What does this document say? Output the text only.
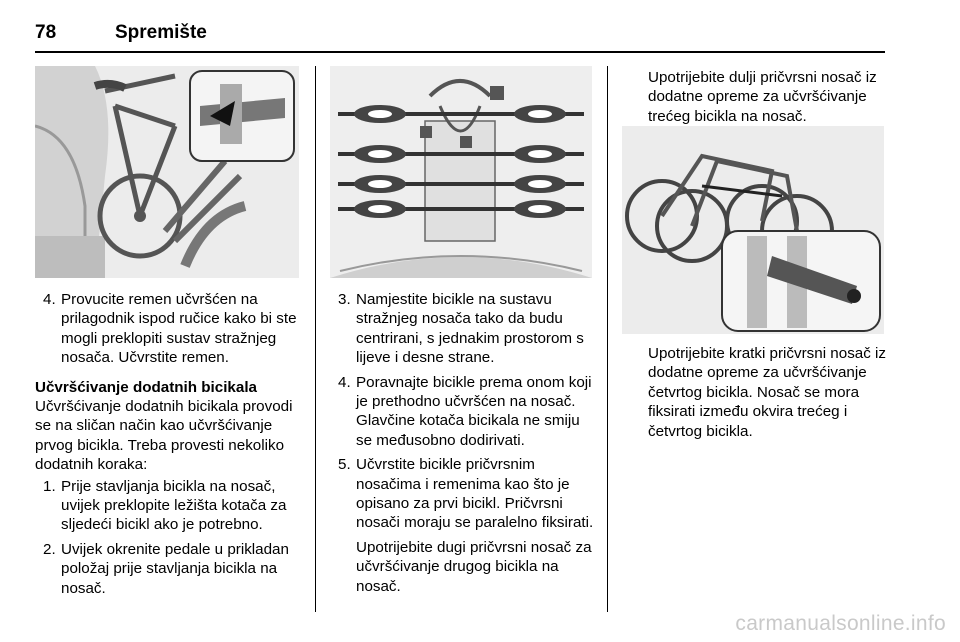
78	Spremište
4. Provucite remen učvršćen na prilagodnik ispod ručice kako bi ste mogli preklopiti sustav stražnjeg nosača. Učvrstite remen.

Učvršćivanje dodatnih bicikala

Učvršćivanje dodatnih bicikala provodi se na sličan način kao učvršćivanje prvog bicikla. Treba provesti nekoliko dodatnih koraka:

1. Prije stavljanja bicikla na nosač, uvijek preklopite ležišta kotača za sljedeći bicikl ako je potrebno.

2. Uvijek okrenite pedale u prikladan položaj prije stavljanja bicikla na nosač.

3. Namjestite bicikle na sustavu stražnjeg nosača tako da budu centrirani, s jednakim prostorom s lijeve i desne strane.

4. Poravnajte bicikle prema onom koji je prethodno učvršćen na nosač. Glavčine kotača bicikala ne smiju se međusobno dodirivati.

5. Učvrstite bicikle pričvrsnim nosačima i remenima kao što je opisano za prvi bicikl. Pričvrsni nosači moraju se paralelno fiksirati.

Upotrijebite dugi pričvrsni nosač za učvršćivanje drugog bicikla na nosač.

Upotrijebite dulji pričvrsni nosač iz dodatne opreme za učvršćivanje trećeg bicikla na nosač.

Upotrijebite kratki pričvrsni nosač iz dodatne opreme za učvršćivanje četvrtog bicikla. Nosač se mora fiksirati između okvira trećeg i četvrtog bicikla.

carmanualsonline.info
